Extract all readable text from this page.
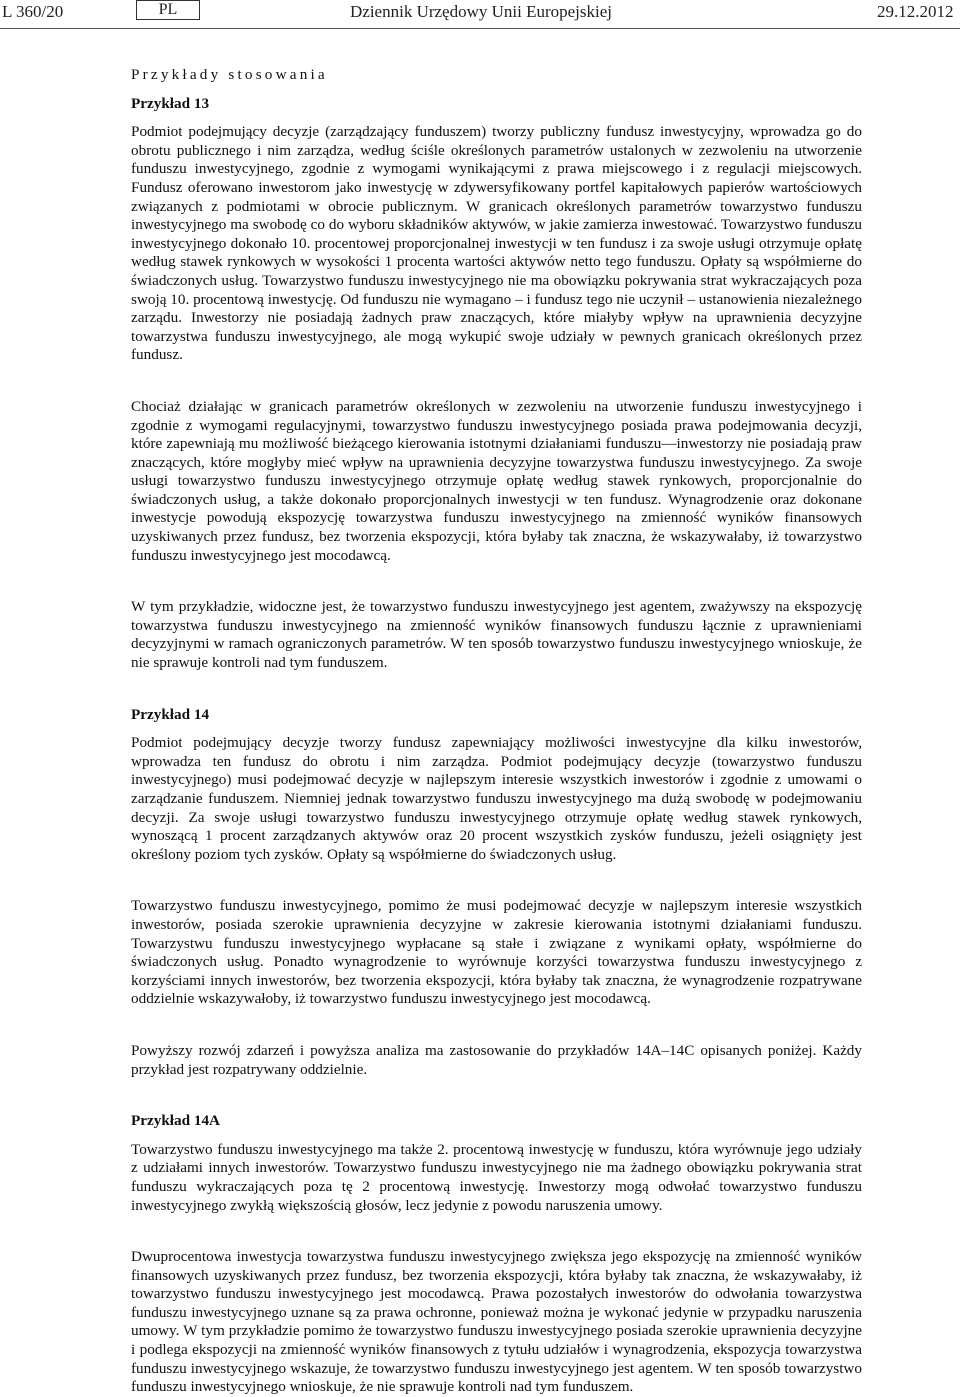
L 360/20	PL	Dziennik Urzędowy Unii Europejskiej	29.12.2012
Przykłady stosowania
Przykład 13

Podmiot podejmujący decyzje (zarządzający funduszem) tworzy publiczny fundusz inwestycyjny, wprowadza go do obrotu publicznego i nim zarządza, według ściśle określonych parametrów ustalonych w zezwoleniu na utworzenie funduszu inwestycyjnego, zgodnie z wymogami wynikającymi z prawa miejscowego i z regulacji miejscowych. Fundusz oferowano inwestorom jako inwestycję w zdywersyfikowany portfel kapitałowych papierów wartościowych związanych z podmiotami w obrocie publicznym. W granicach określonych parametrów towarzystwo funduszu inwestycyjnego ma swobodę co do wyboru składników aktywów, w jakie zamierza inwestować. Towarzystwo funduszu inwestycyjnego dokonało 10. procentowej proporcjonalnej inwestycji w ten fundusz i za swoje usługi otrzymuje opłatę według stawek rynkowych w wysokości 1 procenta wartości aktywów netto tego funduszu. Opłaty są współmierne do świadczonych usług. Towarzystwo funduszu inwestycyjnego nie ma obowiązku pokrywania strat wykraczających poza swoją 10. procentową inwestycję. Od funduszu nie wymagano – i fundusz tego nie uczynił – ustanowienia niezależnego zarządu. Inwestorzy nie posiadają żadnych praw znaczących, które miałyby wpływ na uprawnienia decyzyjne towarzystwa funduszu inwestycyjnego, ale mogą wykupić swoje udziały w pewnych granicach określonych przez fundusz.

Chociaż działając w granicach parametrów określonych w zezwoleniu na utworzenie funduszu inwestycyjnego i zgodnie z wymogami regulacyjnymi, towarzystwo funduszu inwestycyjnego posiada prawa podejmowania decyzji, które zapewniają mu możliwość bieżącego kierowania istotnymi działaniami funduszu—inwestorzy nie posiadają praw znaczących, które mogłyby mieć wpływ na uprawnienia decyzyjne towarzystwa funduszu inwestycyjnego. Za swoje usługi towarzystwo funduszu inwestycyjnego otrzymuje opłatę według stawek rynkowych, proporcjonalnie do świadczonych usług, a także dokonało proporcjonalnych inwestycji w ten fundusz. Wynagrodzenie oraz dokonane inwestycje powodują ekspozycję towarzystwa funduszu inwestycyjnego na zmienność wyników finansowych uzyskiwanych przez fundusz, bez tworzenia ekspozycji, która byłaby tak znaczna, że wskazywałaby, iż towarzystwo funduszu inwestycyjnego jest mocodawcą.

W tym przykładzie, widoczne jest, że towarzystwo funduszu inwestycyjnego jest agentem, zważywszy na ekspozycję towarzystwa funduszu inwestycyjnego na zmienność wyników finansowych funduszu łącznie z uprawnieniami decyzyjnymi w ramach ograniczonych parametrów. W ten sposób towarzystwo funduszu inwestycyjnego wnioskuje, że nie sprawuje kontroli nad tym funduszem.

Przykład 14

Podmiot podejmujący decyzje tworzy fundusz zapewniający możliwości inwestycyjne dla kilku inwestorów, wprowadza ten fundusz do obrotu i nim zarządza. Podmiot podejmujący decyzje (towarzystwo funduszu inwestycyjnego) musi podejmować decyzje w najlepszym interesie wszystkich inwestorów i zgodnie z umowami o zarządzanie funduszem. Niemniej jednak towarzystwo funduszu inwestycyjnego ma dużą swobodę w podejmowaniu decyzji. Za swoje usługi towarzystwo funduszu inwestycyjnego otrzymuje opłatę według stawek rynkowych, wynoszącą 1 procent zarządzanych aktywów oraz 20 procent wszystkich zysków funduszu, jeżeli osiągnięty jest określony poziom tych zysków. Opłaty są współmierne do świadczonych usług.

Towarzystwo funduszu inwestycyjnego, pomimo że musi podejmować decyzje w najlepszym interesie wszystkich inwestorów, posiada szerokie uprawnienia decyzyjne w zakresie kierowania istotnymi działaniami funduszu. Towarzystwu funduszu inwestycyjnego wypłacane są stałe i związane z wynikami opłaty, współmierne do świadczonych usług. Ponadto wynagrodzenie to wyrównuje korzyści towarzystwa funduszu inwestycyjnego z korzyściami innych inwestorów, bez tworzenia ekspozycji, która byłaby tak znaczna, że wynagrodzenie rozpatrywane oddzielnie wskazywałoby, iż towarzystwo funduszu inwestycyjnego jest mocodawcą.

Powyższy rozwój zdarzeń i powyższa analiza ma zastosowanie do przykładów 14A–14C opisanych poniżej. Każdy przykład jest rozpatrywany oddzielnie.

Przykład 14A

Towarzystwo funduszu inwestycyjnego ma także 2. procentową inwestycję w funduszu, która wyrównuje jego udziały z udziałami innych inwestorów. Towarzystwo funduszu inwestycyjnego nie ma żadnego obowiązku pokrywania strat funduszu wykraczających poza tę 2 procentową inwestycję. Inwestorzy mogą odwołać towarzystwo funduszu inwestycyjnego zwykłą większością głosów, lecz jedynie z powodu naruszenia umowy.

Dwuprocentowa inwestycja towarzystwa funduszu inwestycyjnego zwiększa jego ekspozycję na zmienność wyników finansowych uzyskiwanych przez fundusz, bez tworzenia ekspozycji, która byłaby tak znaczna, że wskazywałaby, iż towarzystwo funduszu inwestycyjnego jest mocodawcą. Prawa pozostałych inwestorów do odwołania towarzystwa funduszu inwestycyjnego uznane są za prawa ochronne, ponieważ można je wykonać jedynie w przypadku naruszenia umowy. W tym przykładzie pomimo że towarzystwo funduszu inwestycyjnego posiada szerokie uprawnienia decyzyjne i podlega ekspozycji na zmienność wyników finansowych z tytułu udziałów i wynagrodzenia, ekspozycja towarzystwa funduszu inwestycyjnego wskazuje, że towarzystwo funduszu inwestycyjnego jest agentem. W ten sposób towarzystwo funduszu inwestycyjnego wnioskuje, że nie sprawuje kontroli nad tym funduszem.
